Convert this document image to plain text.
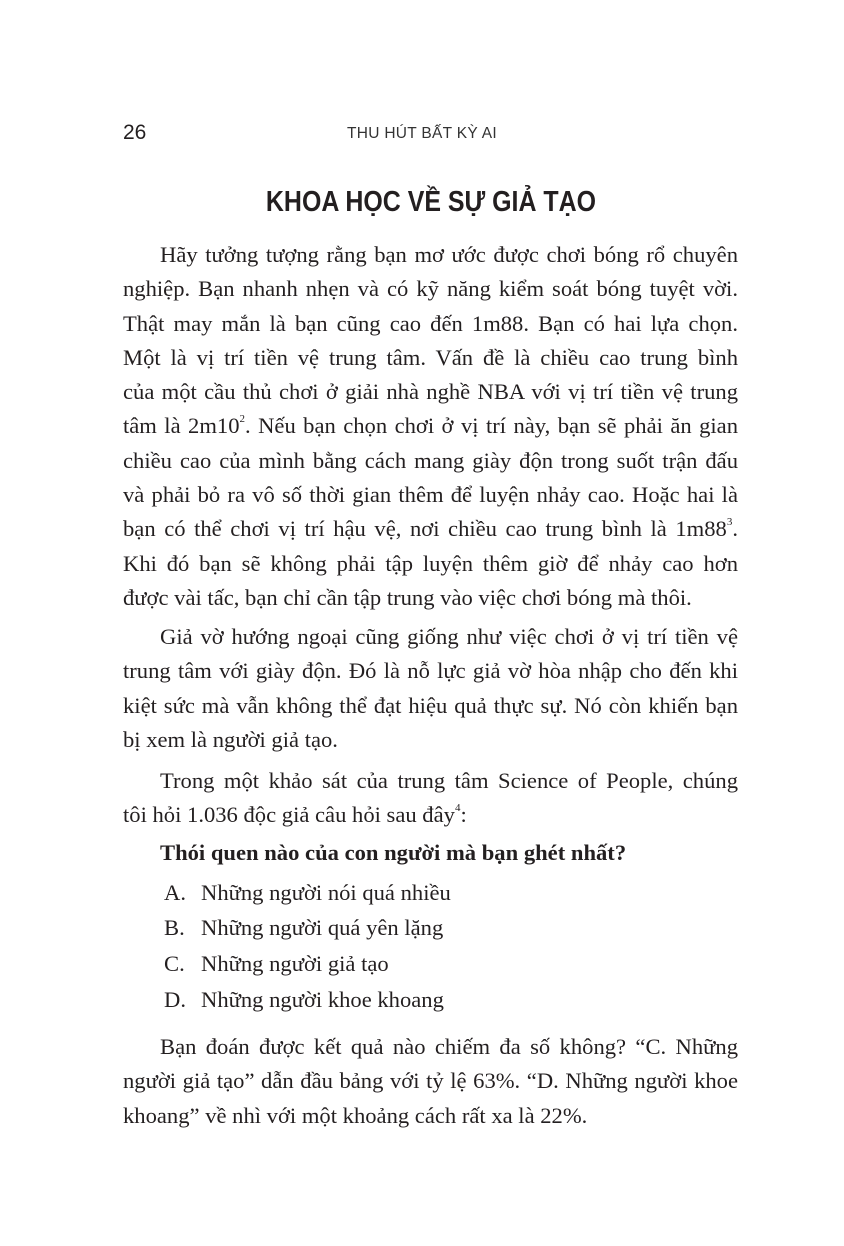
26	THU HÚT BẤT KỲ AI
KHOA HỌC VỀ SỰ GIẢ TẠO
Hãy tưởng tượng rằng bạn mơ ước được chơi bóng rổ chuyên
nghiệp. Bạn nhanh nhẹn và có kỹ năng kiểm soát bóng tuyệt vời.
Thật may mắn là bạn cũng cao đến 1m88. Bạn có hai lựa chọn.
Một là vị trí tiền vệ trung tâm. Vấn đề là chiều cao trung bình
của một cầu thủ chơi ở giải nhà nghề NBA với vị trí tiền vệ trung
tâm là $2m10^2$. Nếu bạn chọn chơi ở vị trí này, bạn sẽ phải ăn gian
chiều cao của mình bằng cách mang giày độn trong suốt trận đấu
và phải bỏ ra vô số thời gian thêm để luyện nhảy cao. Hoặc hai là
bạn có thể chơi vị trí hậu vệ, nơi chiều cao trung bình là $1m88^3$.
Khi đó bạn sẽ không phải tập luyện thêm giờ để nhảy cao hơn
được vài tấc, bạn chỉ cần tập trung vào việc chơi bóng mà thôi.
Giả vờ hướng ngoại cũng giống như việc chơi ở vị trí tiền vệ
trung tâm với giày độn. Đó là nỗ lực giả vờ hòa nhập cho đến khi
kiệt sức mà vẫn không thể đạt hiệu quả thực sự. Nó còn khiến bạn
bị xem là người giả tạo.
Trong một khảo sát của trung tâm Science of People, chúng
tôi hỏi 1.036 độc giả câu hỏi sau đây$^4$:
Thói quen nào của con người mà bạn ghét nhất?
A. Những người nói quá nhiều
B. Những người quá yên lặng
C. Những người giả tạo
D. Những người khoe khoang
Bạn đoán được kết quả nào chiếm đa số không? “C. Những
người giả tạo” dẫn đầu bảng với tỷ lệ 63%. “D. Những người khoe
khoang” về nhì với một khoảng cách rất xa là 22%.
